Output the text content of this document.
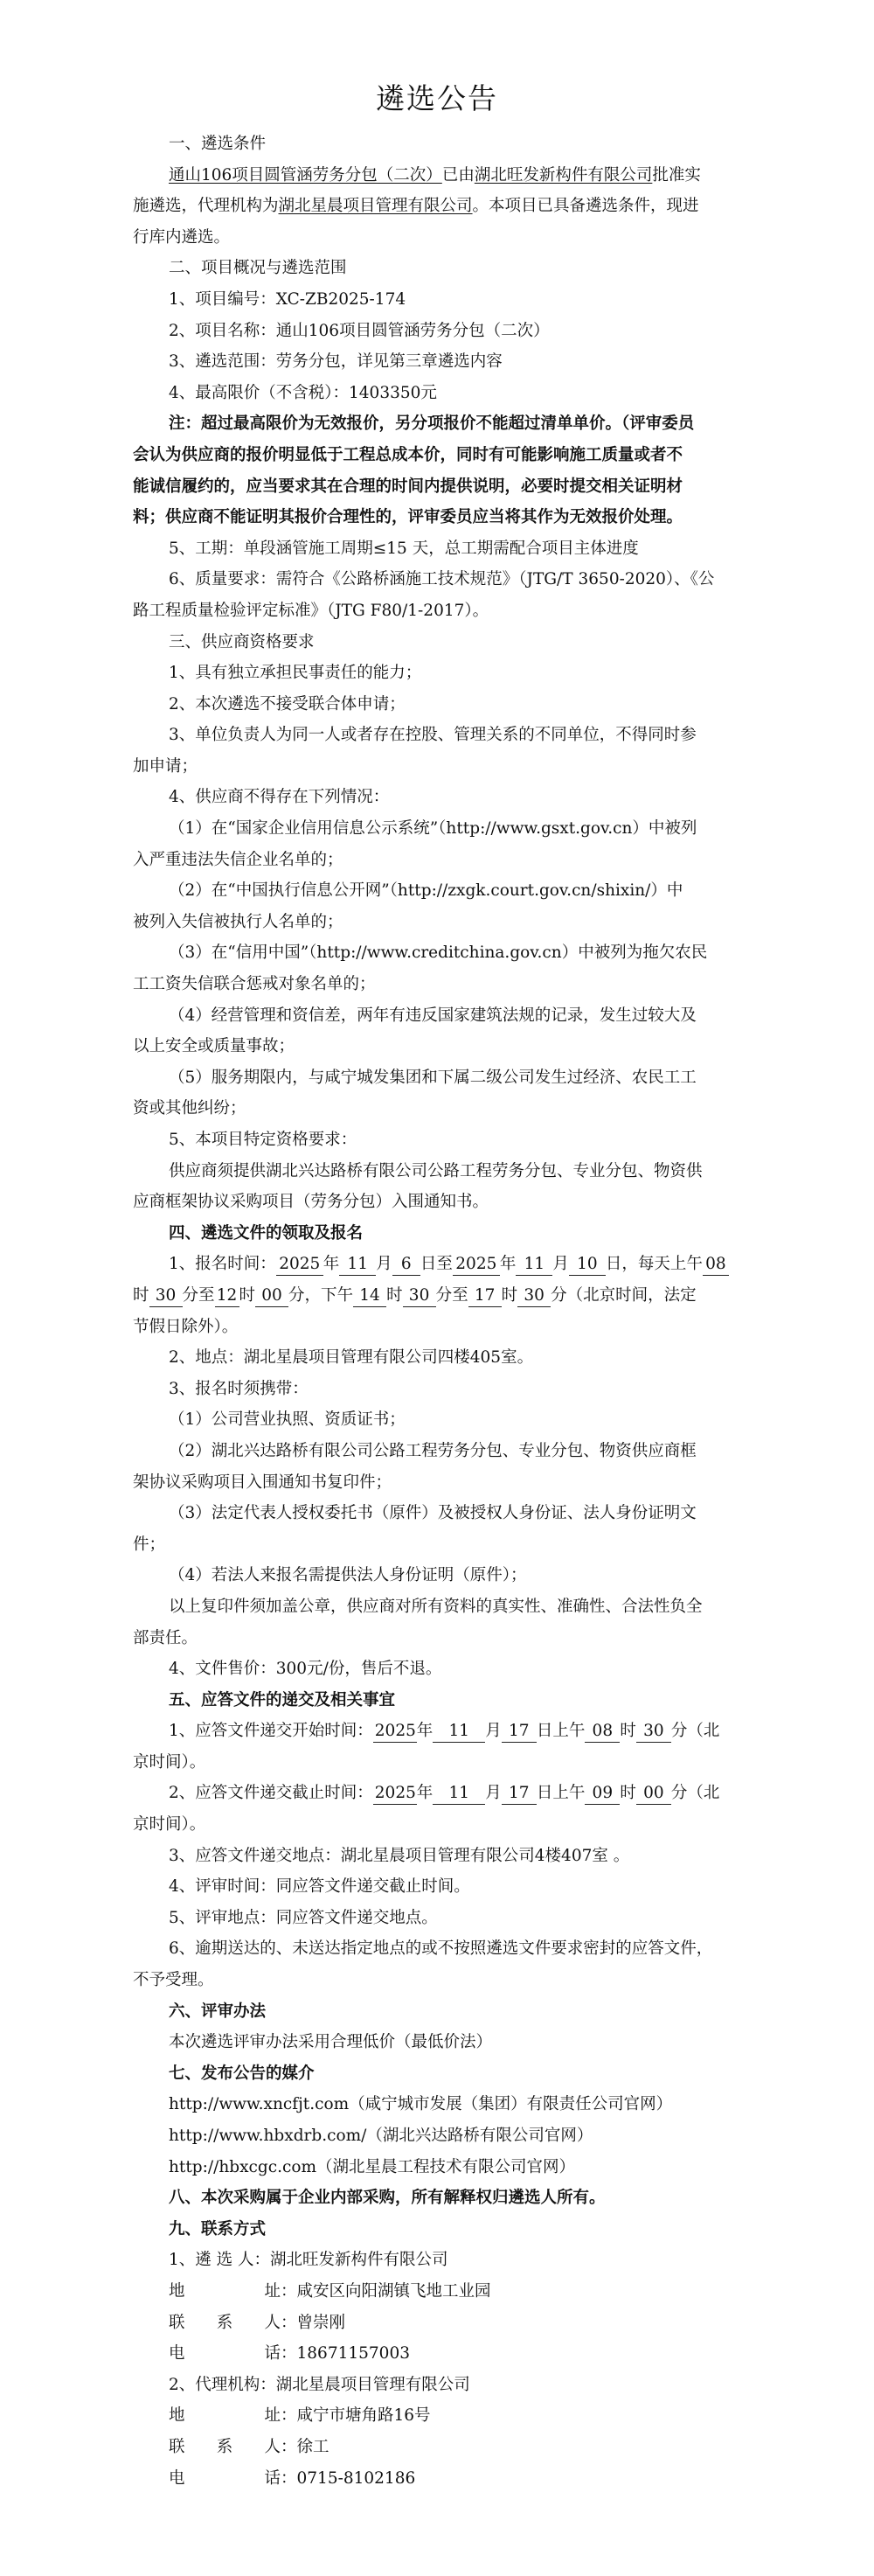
遴选公告
一、遴选条件
通山106项目圆管涵劳务分包（二次）已由湖北旺发新构件有限公司批准实
施遴选，代理机构为湖北星晨项目管理有限公司。本项目已具备遴选条件，现进
行库内遴选。
二、项目概况与遴选范围
1、项目编号：XC-ZB2025-174
2、项目名称：通山106项目圆管涵劳务分包（二次）
3、遴选范围：劳务分包，详见第三章遴选内容
4、最高限价（不含税）：1403350元
注：超过最高限价为无效报价，另分项报价不能超过清单单价。（评审委员
会认为供应商的报价明显低于工程总成本价，同时有可能影响施工质量或者不
能诚信履约的，应当要求其在合理的时间内提供说明，必要时提交相关证明材
料；供应商不能证明其报价合理性的，评审委员应当将其作为无效报价处理。
5、工期：单段涵管施工周期≤15 天，总工期需配合项目主体进度
6、质量要求：需符合《公路桥涵施工技术规范》（JTG/T 3650-2020）、《公
路工程质量检验评定标准》（JTG F80/1-2017）。
三、供应商资格要求
1、具有独立承担民事责任的能力；
2、本次遴选不接受联合体申请；
3、单位负责人为同一人或者存在控股、管理关系的不同单位，不得同时参
加申请；
4、供应商不得存在下列情况：
（1）在“国家企业信用信息公示系统”（http://www.gsxt.gov.cn）中被列
入严重违法失信企业名单的；
（2）在“中国执行信息公开网”（http://zxgk.court.gov.cn/shixin/）中
被列入失信被执行人名单的；
（3）在“信用中国”（http://www.creditchina.gov.cn）中被列为拖欠农民
工工资失信联合惩戒对象名单的；
（4）经营管理和资信差，两年有违反国家建筑法规的记录，发生过较大及
以上安全或质量事故；
（5）服务期限内，与咸宁城发集团和下属二级公司发生过经济、农民工工
资或其他纠纷；
5、本项目特定资格要求：
供应商须提供湖北兴达路桥有限公司公路工程劳务分包、专业分包、物资供
应商框架协议采购项目（劳务分包）入围通知书。
四、遴选文件的领取及报名
1、报名时间： 2025 年 11 月 6 日至 2025 年 11 月 10 日，每天上午 08
时 30 分至 12 时 00 分，下午 14 时 30 分至 17 时 30 分（北京时间，法定
节假日除外）。
2、地点：湖北星晨项目管理有限公司四楼405室。
3、报名时须携带：
（1）公司营业执照、资质证书；
（2）湖北兴达路桥有限公司公路工程劳务分包、专业分包、物资供应商框
架协议采购项目入围通知书复印件；
（3）法定代表人授权委托书（原件）及被授权人身份证、法人身份证明文
件；
（4）若法人来报名需提供法人身份证明（原件）；
以上复印件须加盖公章，供应商对所有资料的真实性、准确性、合法性负全
部责任。
4、文件售价：300元/份，售后不退。
五、应答文件的递交及相关事宜
1、应答文件递交开始时间： 2025年 11 月 17 日上午 08 时 30 分（北
京时间）。
2、应答文件递交截止时间： 2025年 11 月 17 日上午 09 时 00 分（北
京时间）。
3、应答文件递交地点：湖北星晨项目管理有限公司4楼407室 。
4、评审时间：同应答文件递交截止时间。
5、评审地点：同应答文件递交地点。
6、逾期送达的、未送达指定地点的或不按照遴选文件要求密封的应答文件，
不予受理。
六、评审办法
本次遴选评审办法采用合理低价（最低价法）
七、发布公告的媒介
http://www.xncfjt.com（咸宁城市发展（集团）有限责任公司官网）
http://www.hbxdrb.com/（湖北兴达路桥有限公司官网）
http://hbxcgc.com（湖北星晨工程技术有限公司官网）
八、本次采购属于企业内部采购，所有解释权归遴选人所有。
九、联系方式
1、遴 选 人：湖北旺发新构件有限公司
地	址 ：咸安区向阳湖镇飞地工业园
联 系 人 ：曾崇刚
电	话 ：18671157003
2、代理机构：湖北星晨项目管理有限公司
地	址 ：咸宁市塘角路16号
联 系 人 ：徐工
电	话 ：0715-8102186
